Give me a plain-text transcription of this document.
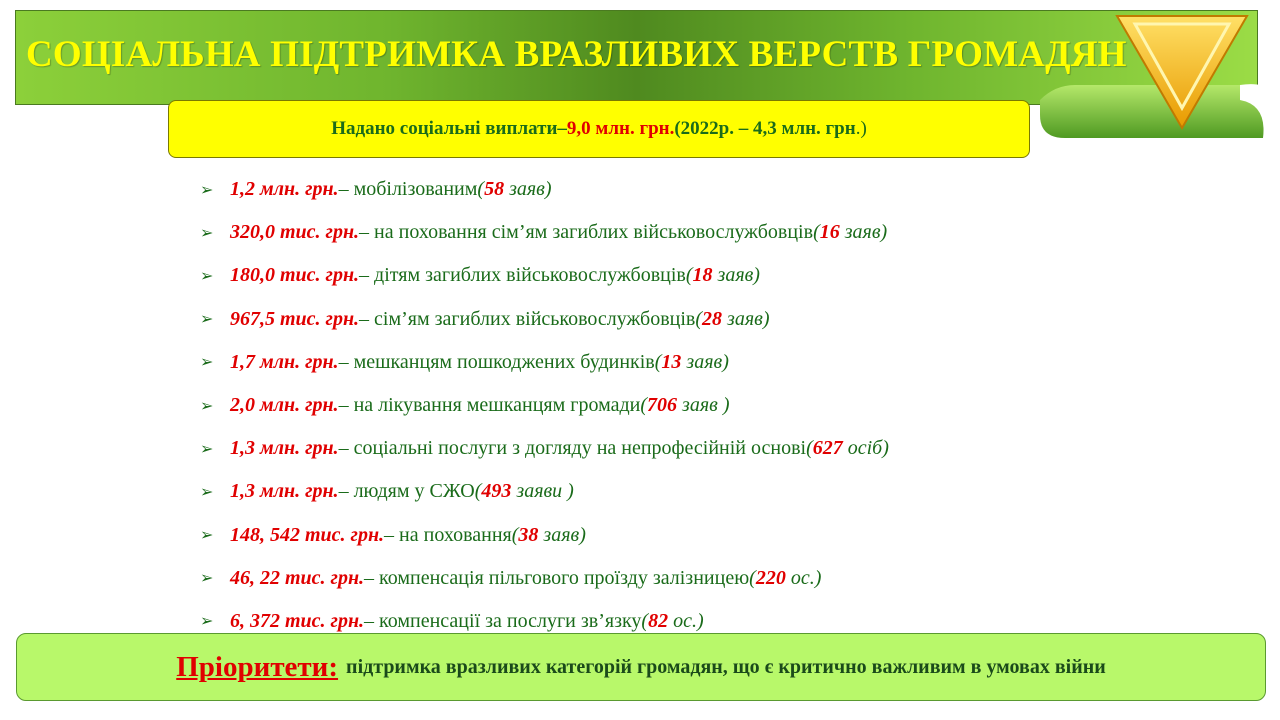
СОЦІАЛЬНА ПІДТРИМКА ВРАЗЛИВИХ ВЕРСТВ ГРОМАДЯН
Надано соціальні виплати – 9,0 млн. грн. (2022р. – 4,3 млн. грн .)
➢ 1,2 млн. грн. – мобілізованим (58 заяв)
➢ 320,0 тис. грн. – на поховання сім’ям загиблих військовослужбовців (16 заяв)
➢ 180,0 тис. грн. – дітям загиблих військовослужбовців (18 заяв)
➢ 967,5 тис. грн. – сім’ям загиблих військовослужбовців (28 заяв)
➢ 1,7 млн. грн. – мешканцям пошкоджених будинків (13 заяв)
➢ 2,0 млн. грн. – на лікування мешканцям громади (706 заяв )
➢ 1,3 млн. грн. – соціальні послуги з догляду на непрофесійній основі (627 осіб)
➢ 1,3 млн. грн. – людям у СЖО (493 заяви )
➢ 148, 542 тис. грн. – на поховання (38 заяв)
➢ 46, 22 тис. грн. – компенсація пільгового проїзду залізницею (220 ос.)
➢ 6, 372 тис. грн. – компенсації за послуги зв’язку (82 ос.)
Пріоритети: підтримка вразливих категорій громадян, що є критично важливим в умовах війни
